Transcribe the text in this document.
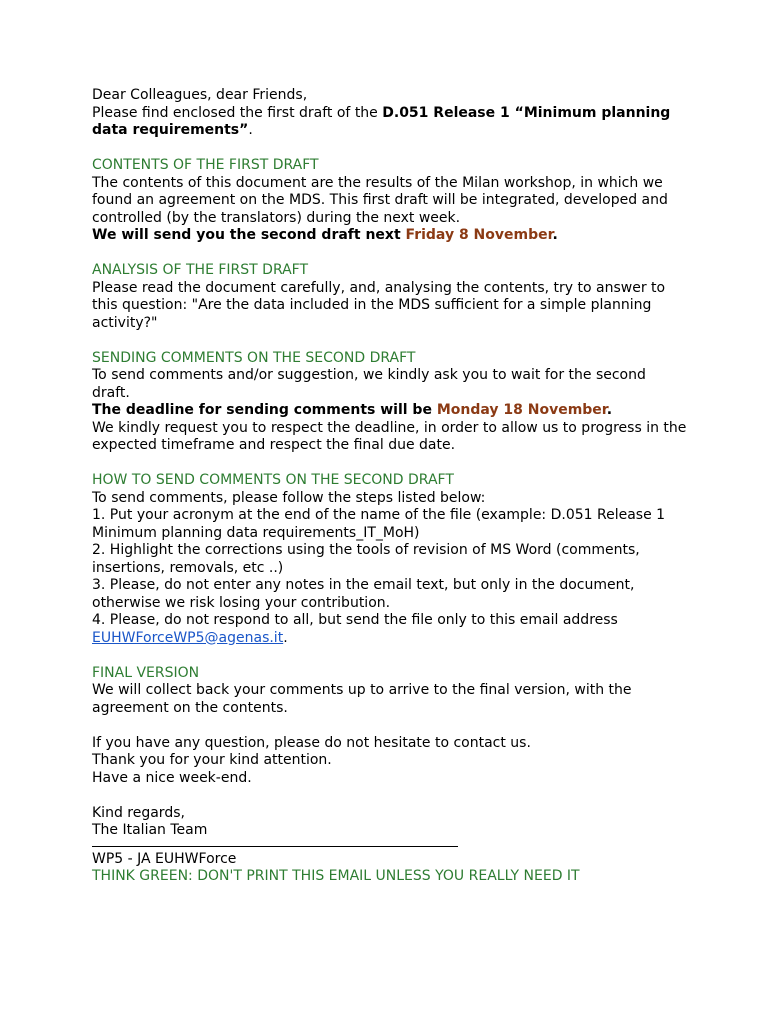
Dear Colleagues, dear Friends,

Please find enclosed the first draft of the D.051 Release 1 “Minimum planning
data requirements”.

CONTENTS OF THE FIRST DRAFT

The contents of this document are the results of the Milan workshop, in which we

found an agreement on the MDS. This first draft will be integrated, developed and

controlled (by the translators) during the next week.

We will send you the second draft next Friday 8 November.

ANALYSIS OF THE FIRST DRAFT

Please read the document carefully, and, analysing the contents, try to answer to

this question: "Are the data included in the MDS sufficient for a simple planning

activity?"

SENDING COMMENTS ON THE SECOND DRAFT

To send comments and/or suggestion, we kindly ask you to wait for the second

draft.

The deadline for sending comments will be Monday 18 November.

We kindly request you to respect the deadline, in order to allow us to progress in the

expected timeframe and respect the final due date.

HOW TO SEND COMMENTS ON THE SECOND DRAFT

To send comments, please follow the steps listed below:

1. Put your acronym at the end of the name of the file (example: D.051 Release 1

Minimum planning data requirements_IT_MoH)

2. Highlight the corrections using the tools of revision of MS Word (comments,

insertions, removals, etc ..)

3. Please, do not enter any notes in the email text, but only in the document,

otherwise we risk losing your contribution.

4. Please, do not respond to all, but send the file only to this email address

EUHWForceWP5@agenas.it.

FINAL VERSION

We will collect back your comments up to arrive to the final version, with the

agreement on the contents.

If you have any question, please do not hesitate to contact us.

Thank you for your kind attention.

Have a nice week-end.

Kind regards,

The Italian Team

WP5 - JA EUHWForce

THINK GREEN: DON'T PRINT THIS EMAIL UNLESS YOU REALLY NEED IT
